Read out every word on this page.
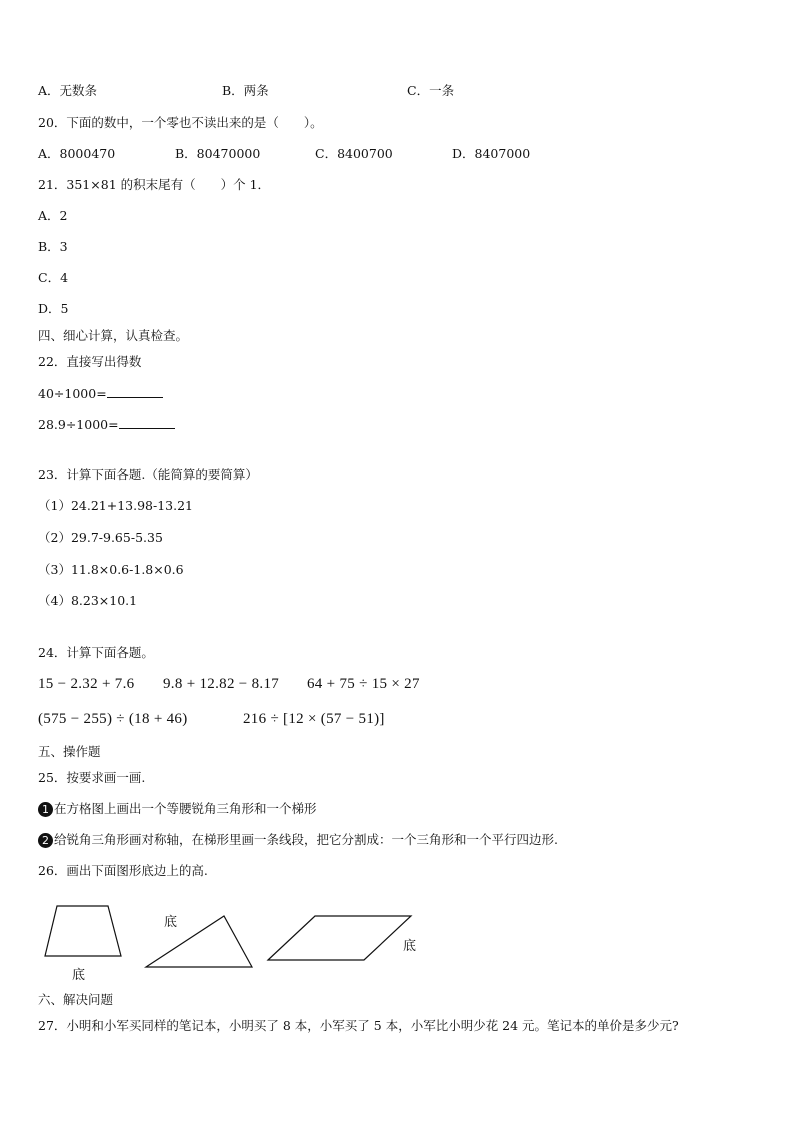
A．无数条	B．两条	C．一条
20．下面的数中，一个零也不读出来的是（　　）。
A．8000470	B．80470000	C．8400700	D．8407000
21．351×81 的积末尾有（　　）个 1．
A．2
B．3
C．4
D．5
四、细心计算，认真检查。
22．直接写出得数
40÷1000=
28.9÷1000=
23．计算下面各题.（能简算的要简算）
（1）24.21+13.98-13.21
（2）29.7-9.65-5.35
（3）11.8×0.6-1.8×0.6
（4）8.23×10.1
24．计算下面各题。
15 − 2.32 + 7.6 9.8 + 12.82 − 8.17 64 + 75 ÷ 15 × 27
(575 − 255) ÷ (18 + 46)	216 ÷ [12 × (57 − 51)]
五、操作题
25．按要求画一画.
1 在方格图上画出一个等腰锐角三角形和一个梯形
2 给锐角三角形画对称轴，在梯形里画一条线段，把它分割成：一个三角形和一个平行四边形.
26．画出下面图形底边上的高.
底
底
底
六、解决问题
27．小明和小军买同样的笔记本，小明买了 8 本，小军买了 5 本，小军比小明少花 24 元。笔记本的单价是多少元?
